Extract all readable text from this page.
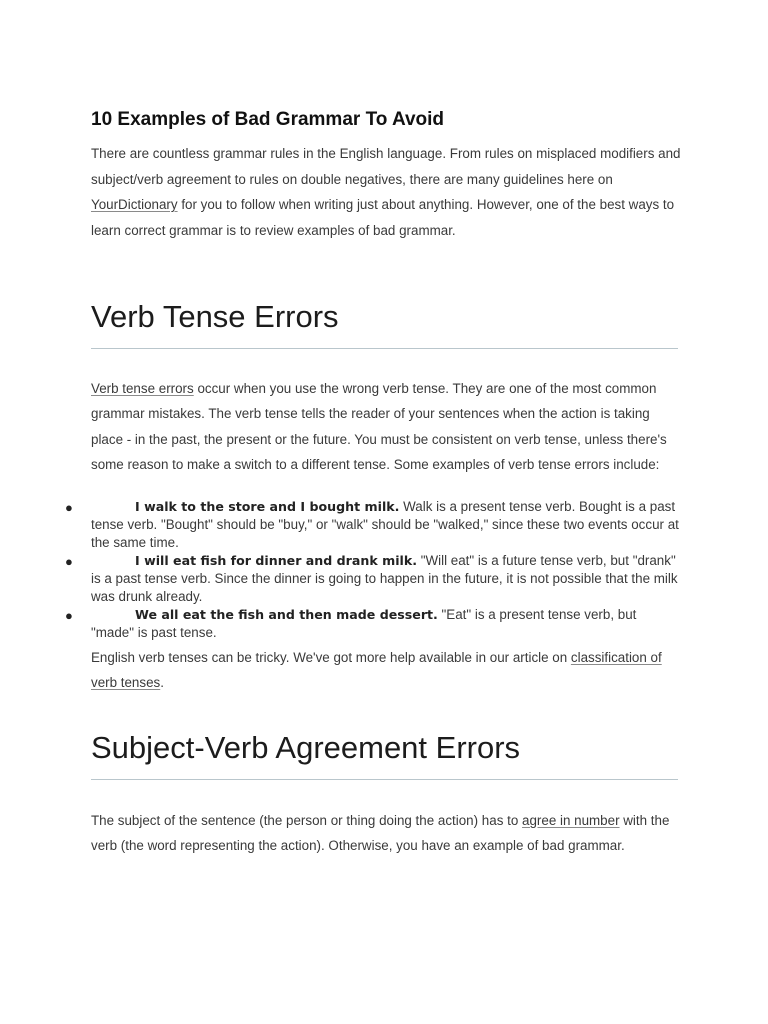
10 Examples of Bad Grammar To Avoid

There are countless grammar rules in the English language. From rules on misplaced modifiers and subject/verb agreement to rules on double negatives, there are many guidelines here on YourDictionary for you to follow when writing just about anything. However, one of the best ways to learn correct grammar is to review examples of bad grammar.

Verb Tense Errors

Verb tense errors occur when you use the wrong verb tense. They are one of the most common grammar mistakes. The verb tense tells the reader of your sentences when the action is taking place - in the past, the present or the future. You must be consistent on verb tense, unless there's some reason to make a switch to a different tense. Some examples of verb tense errors include:

●	I walk to the store and I bought milk. Walk is a present tense verb. Bought is a past tense verb. "Bought" should be "buy," or "walk" should be "walked," since these two events occur at the same time.
●	I will eat fish for dinner and drank milk. "Will eat" is a future tense verb, but "drank" is a past tense verb. Since the dinner is going to happen in the future, it is not possible that the milk was drunk already.
●	We all eat the fish and then made dessert. "Eat" is a present tense verb, but "made" is past tense.

English verb tenses can be tricky. We've got more help available in our article on classification of verb tenses.

Subject-Verb Agreement Errors

The subject of the sentence (the person or thing doing the action) has to agree in number with the verb (the word representing the action). Otherwise, you have an example of bad grammar.
